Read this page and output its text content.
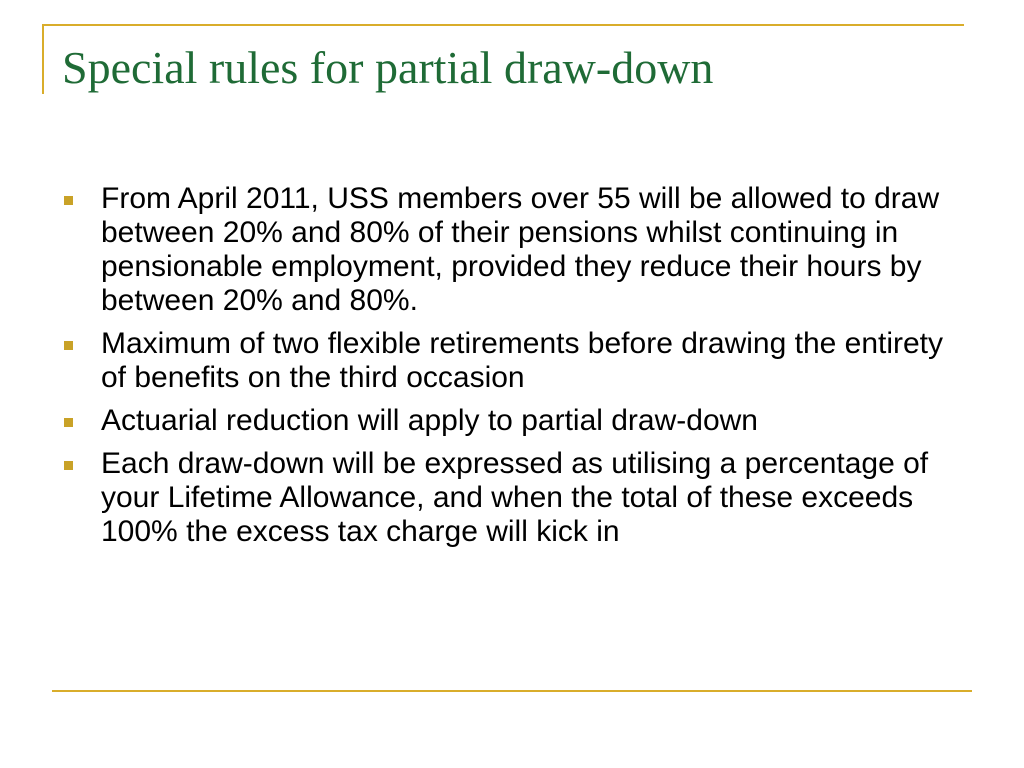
Special rules for partial draw-down
From April 2011, USS members over 55 will be allowed to draw between 20% and 80% of their pensions whilst continuing in pensionable employment, provided they reduce their hours by between 20% and 80%.
Maximum of two flexible retirements before drawing the entirety of benefits on the third occasion
Actuarial reduction will apply to partial draw-down
Each draw-down will be expressed as utilising a percentage of your Lifetime Allowance, and when the total of these exceeds 100% the excess tax charge will kick in
